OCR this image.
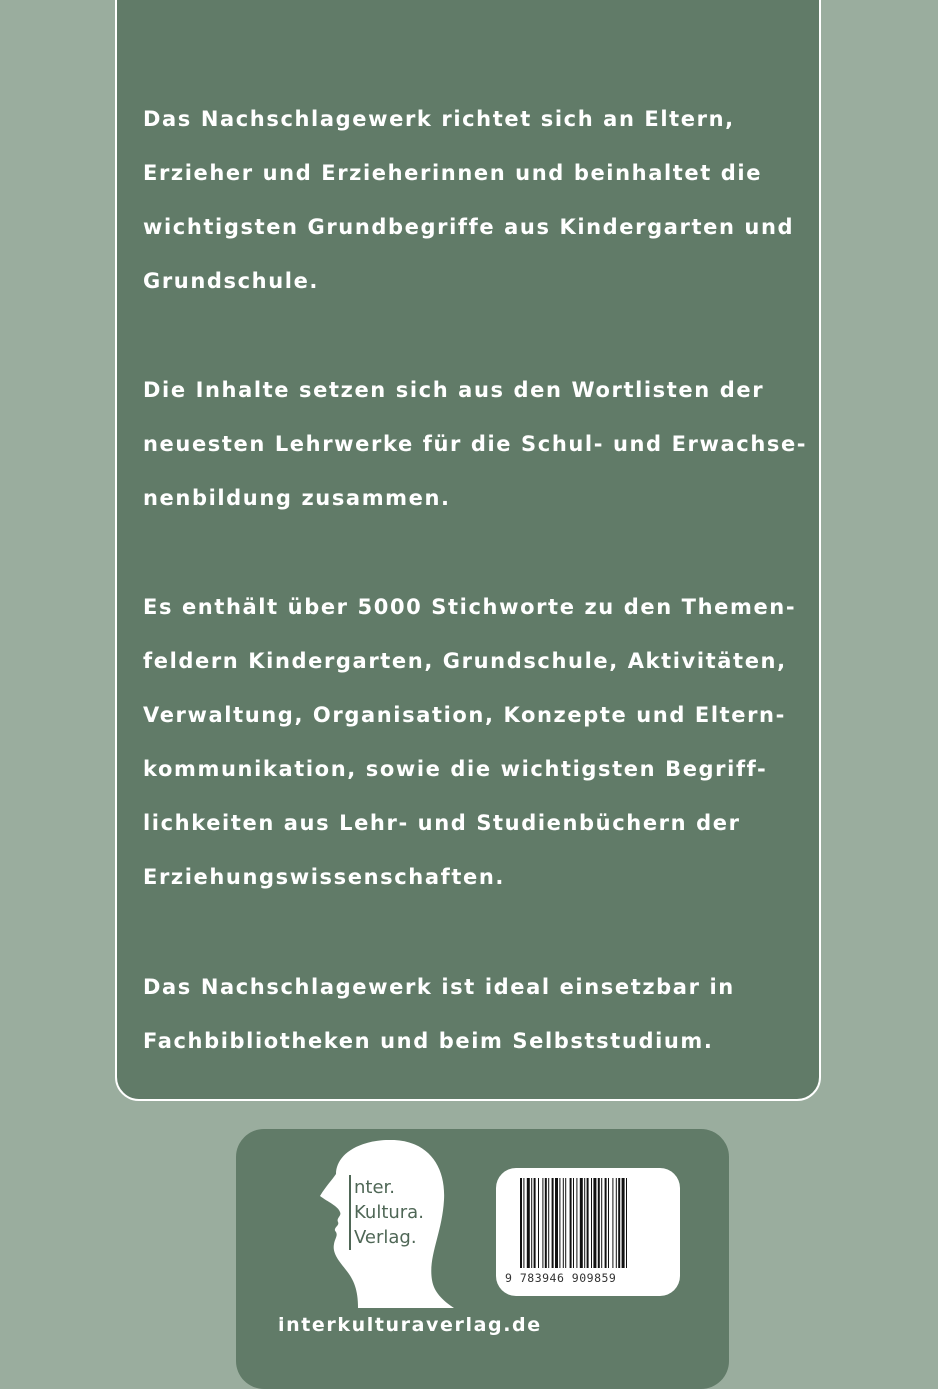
Das Nachschlagewerk richtet sich an Eltern,
Erzieher und Erzieherinnen und beinhaltet die
wichtigsten Grundbegriffe aus Kindergarten und
Grundschule.

Die Inhalte setzen sich aus den Wortlisten der
neuesten Lehrwerke für die Schul- und Erwachse-
nenbildung zusammen.

Es enthält über 5000 Stichworte zu den Themen-
feldern Kindergarten, Grundschule, Aktivitäten,
Verwaltung, Organisation, Konzepte und Eltern-
kommunikation, sowie die wichtigsten Begriff-
lichkeiten aus Lehr- und Studienbüchern der
Erziehungswissenschaften.

Das Nachschlagewerk ist ideal einsetzbar in
Fachbibliotheken und beim Selbststudium.

nter.
Kultura.
Verlag.
9 783946 909859
interkulturaverlag.de
